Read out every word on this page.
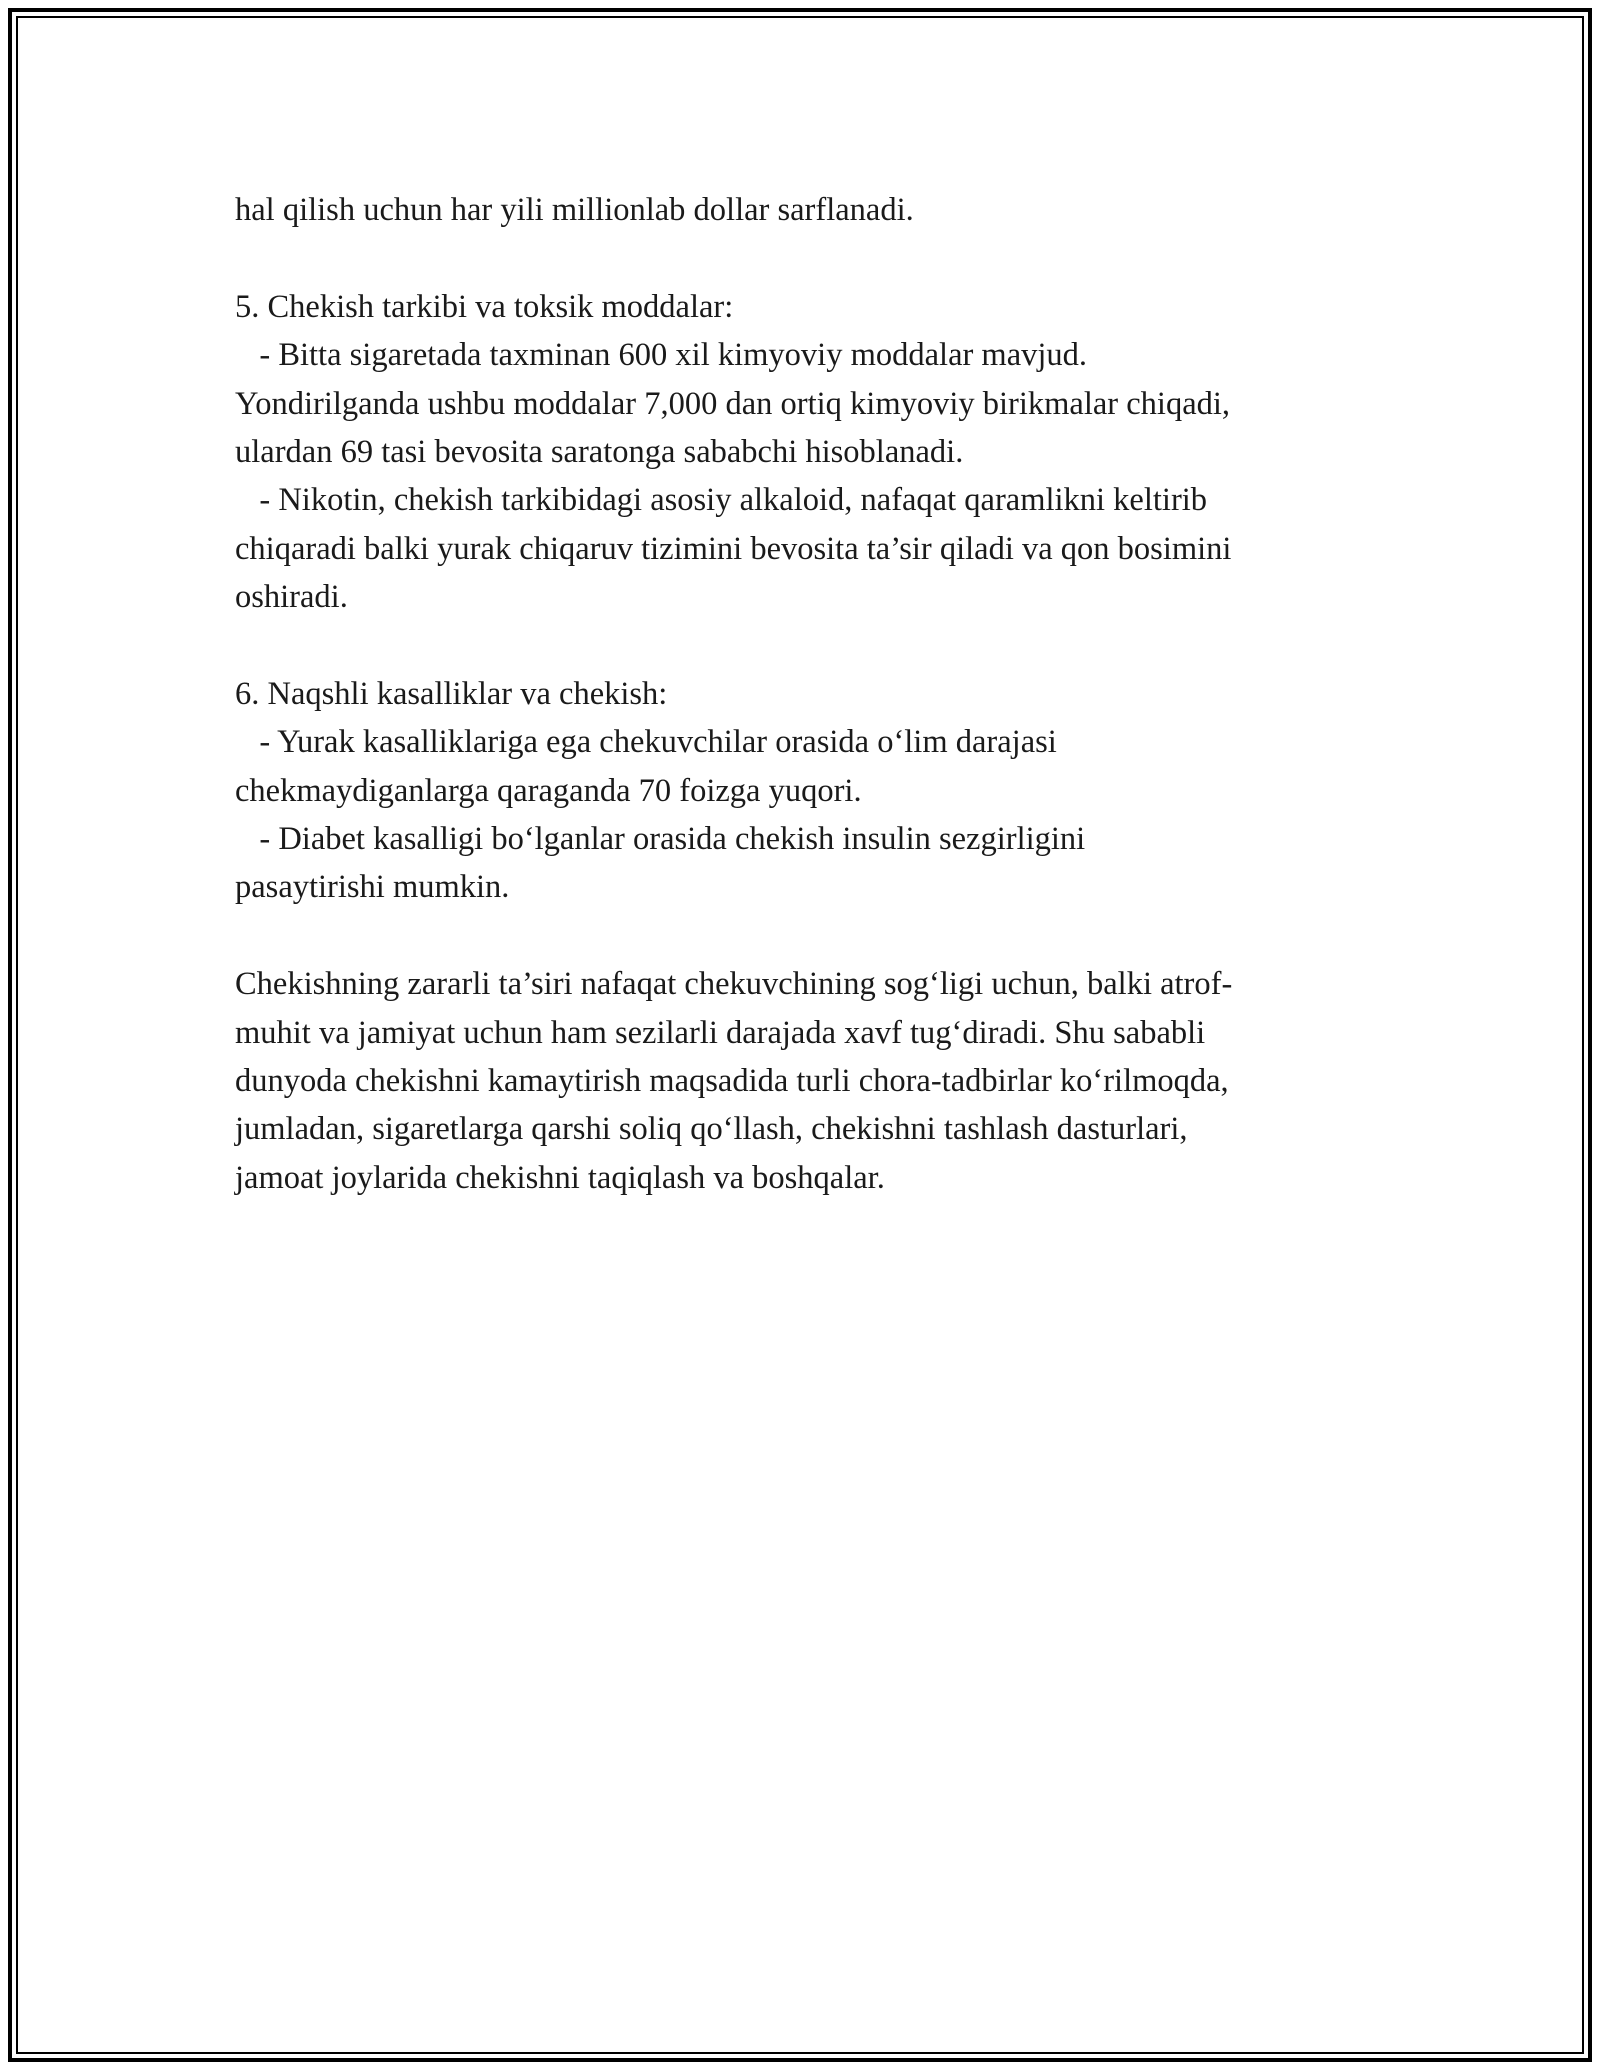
hal qilish uchun har yili millionlab dollar sarflanadi.
5. Chekish tarkibi va toksik moddalar:
- Bitta sigaretada taxminan 600 xil kimyoviy moddalar mavjud.
Yondirilganda ushbu moddalar 7,000 dan ortiq kimyoviy birikmalar chiqadi,
ulardan 69 tasi bevosita saratonga sababchi hisoblanadi.
- Nikotin, chekish tarkibidagi asosiy alkaloid, nafaqat qaramlikni keltirib
chiqaradi balki yurak chiqaruv tizimini bevosita ta’sir qiladi va qon bosimini
oshiradi.
6. Naqshli kasalliklar va chekish:
- Yurak kasalliklariga ega chekuvchilar orasida o‘lim darajasi
chekmaydiganlarga qaraganda 70 foizga yuqori.
- Diabet kasalligi bo‘lganlar orasida chekish insulin sezgirligini
pasaytirishi mumkin.
Chekishning zararli ta’siri nafaqat chekuvchining sog‘ligi uchun, balki atrof-
muhit va jamiyat uchun ham sezilarli darajada xavf tug‘diradi. Shu sababli
dunyoda chekishni kamaytirish maqsadida turli chora-tadbirlar ko‘rilmoqda,
jumladan, sigaretlarga qarshi soliq qo‘llash, chekishni tashlash dasturlari,
jamoat joylarida chekishni taqiqlash va boshqalar.
